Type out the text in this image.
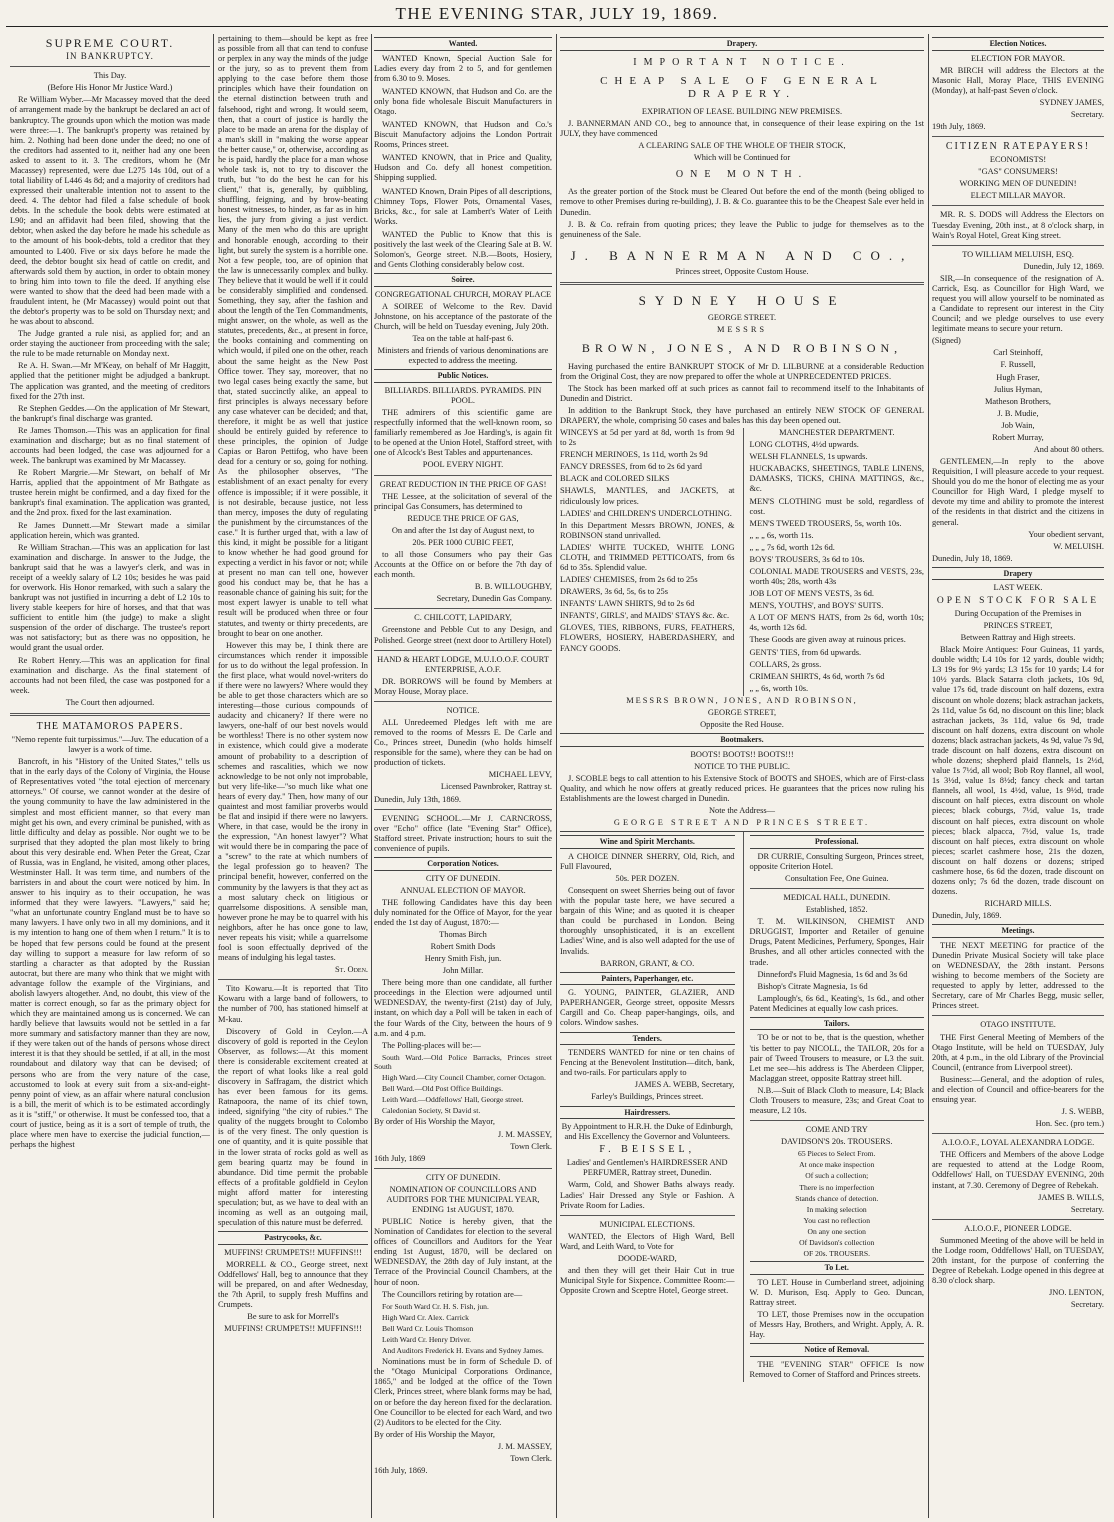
THE EVENING STAR, JULY 19, 1869.
SUPREME COURT.
IN BANKRUPTCY.

This Day.

(Before His Honor Mr Justice Ward.)

Re William Wyber.—Mr Macassey moved that the deed of arrangement made by the bankrupt be declared an act of bankruptcy. The grounds upon which the motion was made were three:—1. The bankrupt's property was retained by him. 2. Nothing had been done under the deed; no one of the creditors had assented to it, neither had any one been asked to assent to it. 3. The creditors, whom he (Mr Macassey) represented, were due L275 14s 10d, out of a total liability of L446 4s 8d; and a majority of creditors had expressed their unalterable intention not to assent to the deed. 4. The debtor had filed a false schedule of book debts. In the schedule the book debts were estimated at L90; and an affidavit had been filed, showing that the debtor, when asked the day before he made his schedule as to the amount of his book-debts, told a creditor that they amounted to L400. Five or six days before he made the deed, the debtor bought six head of cattle on credit, and afterwards sold them by auction, in order to obtain money to bring him into town to file the deed. If anything else were wanted to show that the deed had been made with a fraudulent intent, he (Mr Macassey) would point out that the debtor's property was to be sold on Thursday next; and he was about to abscond.

The Judge granted a rule nisi, as applied for; and an order staying the auctioneer from proceeding with the sale; the rule to be made returnable on Monday next.

Re A. H. Swan.—Mr M'Keay, on behalf of Mr Haggitt, applied that the petitioner might be adjudged a bankrupt. The application was granted, and the meeting of creditors fixed for the 27th inst.

Re Stephen Geddes.—On the application of Mr Stewart, the bankrupt's final discharge was granted.

Re James Thomson.—This was an application for final examination and discharge; but as no final statement of accounts had been lodged, the case was adjourned for a week. The bankrupt was examined by Mr Macassey.

Re Robert Margrie.—Mr Stewart, on behalf of Mr Harris, applied that the appointment of Mr Bathgate as trustee herein might be confirmed, and a day fixed for the bankrupt's final examination. The application was granted, and the 2nd prox. fixed for the last examination.

Re James Dunnett.—Mr Stewart made a similar application herein, which was granted.

Re William Strachan.—This was an application for last examination and discharge. In answer to the Judge, the bankrupt said that he was a lawyer's clerk, and was in receipt of a weekly salary of L2 10s; besides he was paid for overwork. His Honor remarked, with such a salary the bankrupt was not justified in incurring a debt of L2 10s to livery stable keepers for hire of horses, and that that was sufficient to entitle him (the judge) to make a slight suspension of the order of discharge. The trustee's report was not satisfactory; but as there was no opposition, he would grant the usual order.

Re Robert Henry.—This was an application for final examination and discharge. As the final statement of accounts had not been filed, the case was postponed for a week.

The Court then adjourned.

THE MATAMOROS PAPERS.

"Nemo repente fuit turpissimus."—Juv. The education of a lawyer is a work of time.

Bancroft, in his "History of the United States," tells us that in the early days of the Colony of Virginia, the House of Representatives voted "the total ejection of mercenary attorneys." Of course, we cannot wonder at the desire of the young community to have the law administered in the simplest and most efficient manner, so that every man might get his own, and every criminal be punished, with as little difficulty and delay as possible. Nor ought we to be surprised that they adopted the plan most likely to bring about this very desirable end. When Peter the Great, Czar of Russia, was in England, he visited, among other places, Westminster Hall. It was term time, and numbers of the barristers in and about the court were noticed by him. In answer to his inquiry as to their occupation, he was informed that they were lawyers. "Lawyers," said he; "what an unfortunate country England must be to have so many lawyers. I have only two in all my dominions, and it is my intention to hang one of them when I return." It is to be hoped that few persons could be found at the present day willing to support a measure for law reform of so startling a character as that adopted by the Russian autocrat, but there are many who think that we might with advantage follow the example of the Virginians, and abolish lawyers altogether. And, no doubt, this view of the matter is correct enough, so far as the primary object for which they are maintained among us is concerned. We can hardly believe that lawsuits would not be settled in a far more summary and satisfactory manner than they are now, if they were taken out of the hands of persons whose direct interest it is that they should be settled, if at all, in the most roundabout and dilatory way that can be devised; of persons who are from the very nature of the case, accustomed to look at every suit from a six-and-eight-penny point of view, as an affair where natural conclusion is a bill, the merit of which is to be estimated accordingly as it is "stiff," or otherwise. It must be confessed too, that a court of justice, being as it is a sort of temple of truth, the place where men have to exercise the judicial function,—perhaps the highest

pertaining to them—should be kept as free as possible from all that can tend to confuse or perplex in any way the minds of the judge or the jury, so as to prevent them from applying to the case before them those principles which have their foundation on the eternal distinction between truth and falsehood, right and wrong. It would seem, then, that a court of justice is hardly the place to be made an arena for the display of a man's skill in "making the worse appear the better cause," or, otherwise, according as he is paid, hardly the place for a man whose whole task is, not to try to discover the truth, but "to do the best he can for his client," that is, generally, by quibbling, shuffling, feigning, and by brow-beating honest witnesses, to hinder, as far as in him lies, the jury from giving a just verdict. Many of the men who do this are upright and honorable enough, according to their light, but surely the system is a horrible one. Not a few people, too, are of opinion that the law is unnecessarily complex and bulky. They believe that it would be well if it could be considerably simplified and condensed. Something, they say, after the fashion and about the length of the Ten Commandments, might answer, on the whole, as well as the statutes, precedents, &c., at present in force, the books containing and commenting on which would, if piled one on the other, reach about the same height as the New Post Office tower. They say, moreover, that no two legal cases being exactly the same, but that, stated succinctly alike, an appeal to first principles is always necessary before any case whatever can be decided; and that, therefore, it might be as well that justice should be entirely guided by reference to these principles, the opinion of Judge Capias or Baron Pettifog, who have been dead for a century or so, going for nothing. As the philosopher observes, "The establishment of an exact penalty for every offence is impossible; if it were possible, it is not desirable, because justice, not less than mercy, imposes the duty of regulating the punishment by the circumstances of the case." It is further urged that, with a law of this kind, it might be possible for a litigant to know whether he had good ground for expecting a verdict in his favor or not; while at present no man can tell one, however good his conduct may be, that he has a reasonable chance of gaining his suit; for the most expert lawyer is unable to tell what result will be produced when three or four statutes, and twenty or thirty precedents, are brought to bear on one another.

However this may be, I think there are circumstances which render it impossible for us to do without the legal profession. In the first place, what would novel-writers do if there were no lawyers? Where would they be able to get those characters which are so interesting—those curious compounds of audacity and chicanery? If there were no lawyers, one-half of our best novels would be worthless! There is no other system now in existence, which could give a moderate amount of probability to a description of schemes and rascalities, which we now acknowledge to be not only not improbable, but very life-like—"so much like what one hears of every day." Then, how many of our quaintest and most familiar proverbs would be flat and insipid if there were no lawyers. Where, in that case, would be the irony in the expression, "An honest lawyer"? What wit would there be in comparing the pace of a "screw" to the rate at which numbers of the legal profession go to heaven? The principal benefit, however, conferred on the community by the lawyers is that they act as a most salutary check on litigious or quarrelsome dispositions. A sensible man, however prone he may be to quarrel with his neighbors, after he has once gone to law, never repeats his visit; while a quarrelsome fool is soon effectually deprived of the means of indulging his legal tastes.

St. Oden.

Tito Kowaru.—It is reported that Tito Kowaru with a large band of followers, to the number of 700, has stationed himself at M-kau.

Discovery of Gold in Ceylon.—A discovery of gold is reported in the Ceylon Observer, as follows:—At this moment there is considerable excitement created at the report of what looks like a real gold discovery in Saffragam, the district which has ever been famous for its gems. Ratnapoora, the name of its chief town, indeed, signifying "the city of rubies." The quality of the nuggets brought to Colombo is of the very finest. The only question is one of quantity, and it is quite possible that in the lower strata of rocks gold as well as gem bearing quartz may be found in abundance. Did time permit the probable effects of a profitable goldfield in Ceylon might afford matter for interesting speculation; but, as we have to deal with an incoming as well as an outgoing mail, speculation of this nature must be deferred.

Pastrycooks, &c.

MUFFINS! CRUMPETS!! MUFFINS!!!

MORRELL & CO., George street, next Oddfellows' Hall, beg to announce that they will be prepared, on and after Wednesday, the 7th April, to supply fresh Muffins and Crumpets.

Be sure to ask for Morrell's

MUFFINS! CRUMPETS!! MUFFINS!!!

Wanted.

WANTED Known, Special Auction Sale for Ladies every day from 2 to 5, and for gentlemen from 6.30 to 9. Moses.

WANTED KNOWN, that Hudson and Co. are the only bona fide wholesale Biscuit Manufacturers in Otago.

WANTED KNOWN, that Hudson and Co.'s Biscuit Manufactory adjoins the London Portrait Rooms, Princes street.

WANTED KNOWN, that in Price and Quality, Hudson and Co. defy all honest competition. Shipping supplied.

WANTED Known, Drain Pipes of all descriptions, Chimney Tops, Flower Pots, Ornamental Vases, Bricks, &c., for sale at Lambert's Water of Leith Works.

WANTED the Public to Know that this is positively the last week of the Clearing Sale at B. W. Solomon's, George street. N.B.—Boots, Hosiery, and Gents Clothing considerably below cost.

Soiree.

CONGREGATIONAL CHURCH, MORAY PLACE

A SOIREE of Welcome to the Rev. David Johnstone, on his acceptance of the pastorate of the Church, will be held on Tuesday evening, July 20th.

Tea on the table at half-past 6.

Ministers and friends of various denominations are expected to address the meeting.

Public Notices.

BILLIARDS. BILLIARDS. PYRAMIDS. PIN POOL.

THE admirers of this scientific game are respectfully informed that the well-known room, so familiarly remembered as Joe Harding's, is again fit to be opened at the Union Hotel, Stafford street, with one of Alcock's Best Tables and appurtenances.

POOL EVERY NIGHT.

GREAT REDUCTION IN THE PRICE OF GAS!

THE Lessee, at the solicitation of several of the principal Gas Consumers, has determined to

REDUCE THE PRICE OF GAS,

On and after the 1st day of August next, to

20s. PER 1000 CUBIC FEET,

to all those Consumers who pay their Gas Accounts at the Office on or before the 7th day of each month.

B. B. WILLOUGHBY,

Secretary, Dunedin Gas Company.

C. CHILCOTT, LAPIDARY,

Greenstone and Pebble Cut to any Design, and Polished. George street (next door to Artillery Hotel)

HAND & HEART LODGE, M.U.I.O.O.F. COURT ENTERPRISE, A.O.F.

DR. BORROWS will be found by Members at Moray House, Moray place.

NOTICE.

ALL Unredeemed Pledges left with me are removed to the rooms of Messrs E. De Carle and Co., Princes street, Dunedin (who holds himself responsible for the same), where they can be had on production of tickets.

MICHAEL LEVY,

Licensed Pawnbroker, Rattray st.

Dunedin, July 13th, 1869.

EVENING SCHOOL.—Mr J. CARNCROSS, over "Echo" office (late "Evening Star" Office), Stafford street. Private instruction; hours to suit the convenience of pupils.

Corporation Notices.

CITY OF DUNEDIN.

ANNUAL ELECTION OF MAYOR.

THE following Candidates have this day been duly nominated for the Office of Mayor, for the year ended the 1st day of August, 1870:—

Thomas Birch

Robert Smith Dods

Henry Smith Fish, jun.

John Millar.

There being more than one candidate, all further proceedings in the Election were adjourned until WEDNESDAY, the twenty-first (21st) day of July, instant, on which day a Poll will be taken in each of the four Wards of the City, between the hours of 9 a.m. and 4 p.m.

The Polling-places will be:—

South Ward.—Old Police Barracks, Princes street South

High Ward.—City Council Chamber, corner Octagon.

Bell Ward.—Old Post Office Buildings.

Leith Ward.—Oddfellows' Hall, George street.

Caledonian Society, St David st.

By order of His Worship the Mayor,

J. M. MASSEY,

Town Clerk.

16th July, 1869

CITY OF DUNEDIN.

NOMINATION OF COUNCILLORS AND AUDITORS FOR THE MUNICIPAL YEAR, ENDING 1st AUGUST, 1870.

PUBLIC Notice is hereby given, that the Nomination of Candidates for election to the several offices of Councillors and Auditors for the Year ending 1st August, 1870, will be declared on WEDNESDAY, the 28th day of July instant, at the Terrace of the Provincial Council Chambers, at the hour of noon.

The Councillors retiring by rotation are—

For South Ward Cr. H. S. Fish, jun.

High Ward Cr. Alex. Carrick

Bell Ward Cr. Louis Thomson

Leith Ward Cr. Henry Driver.

And Auditors Frederick H. Evans and Sydney James.

Nominations must be in form of Schedule D. of the "Otago Municipal Corporations Ordinance, 1865," and be lodged at the office of the Town Clerk, Princes street, where blank forms may be had, on or before the day hereon fixed for the declaration. One Councillor to be elected for each Ward, and two (2) Auditors to be elected for the City.

By order of His Worship the Mayor,

J. M. MASSEY,

Town Clerk.

16th July, 1869.

Drapery.
IMPORTANT NOTICE.
CHEAP SALE OF GENERAL DRAPERY.

EXPIRATION OF LEASE. BUILDING NEW PREMISES.

J. BANNERMAN AND CO., beg to announce that, in consequence of their lease expiring on the 1st JULY, they have commenced

A CLEARING SALE OF THE WHOLE OF THEIR STOCK,

Which will be Continued for

ONE MONTH.

As the greater portion of the Stock must be Cleared Out before the end of the month (being obliged to remove to other Premises during re-building), J. B. & Co. guarantee this to be the Cheapest Sale ever held in Dunedin.

J. B. & Co. refrain from quoting prices; they leave the Public to judge for themselves as to the genuineness of the Sale.

J. BANNERMAN AND CO.,

Princes street, Opposite Custom House.

SYDNEY HOUSE

GEORGE STREET.

MESSRS

BROWN, JONES, AND ROBINSON,

Having purchased the entire BANKRUPT STOCK of Mr D. LILBURNE at a considerable Reduction from the Original Cost, they are now prepared to offer the whole at UNPRECEDENTED PRICES.

The Stock has been marked off at such prices as cannot fail to recommend itself to the Inhabitants of Dunedin and District.

In addition to the Bankrupt Stock, they have purchased an entirely NEW STOCK OF GENERAL DRAPERY, the whole, comprising 50 cases and bales has this day been opened out.

WINCEYS at 5d per yard at 8d, worth 1s from 9d to 2s

FRENCH MERINOES, 1s 11d, worth 2s 9d

FANCY DRESSES, from 6d to 2s 6d yard

BLACK and COLORED SILKS

SHAWLS, MANTLES, and JACKETS, at ridiculously low prices.

LADIES' and CHILDREN'S UNDERCLOTHING.

In this Department Messrs BROWN, JONES, & ROBINSON stand unrivalled.

LADIES' WHITE TUCKED, WHITE LONG CLOTH, and TRIMMED PETTICOATS, from 6s 6d to 35s. Splendid value.

LADIES' CHEMISES, from 2s 6d to 25s

DRAWERS, 3s 6d, 5s, 6s to 25s

INFANTS' LAWN SHIRTS, 9d to 2s 6d

INFANTS', GIRLS', and MAIDS' STAYS &c. &c.

GLOVES, TIES, RIBBONS, FURS, FEATHERS, FLOWERS, HOSIERY, HABERDASHERY, and FANCY GOODS.

MANCHESTER DEPARTMENT.

LONG CLOTHS, 4½d upwards.

WELSH FLANNELS, 1s upwards.

HUCKABACKS, SHEETINGS, TABLE LINENS, DAMASKS, TICKS, CHINA MATTINGS, &c., &c.

MEN'S CLOTHING must be sold, regardless of cost.

MEN'S TWEED TROUSERS, 5s, worth 10s.

„ „ „ 6s, worth 11s.

„ „ „ 7s 6d, worth 12s 6d.

BOYS' TROUSERS, 3s 6d to 10s.

COLONIAL MADE TROUSERS and VESTS, 23s, worth 40s; 28s, worth 43s

JOB LOT OF MEN'S VESTS, 3s 6d.

MEN'S, YOUTHS', and BOYS' SUITS.

A LOT OF MEN'S HATS, from 2s 6d, worth 10s; 4s, worth 12s 6d.

These Goods are given away at ruinous prices.

GENTS' TIES, from 6d upwards.

COLLARS, 2s gross.

CRIMEAN SHIRTS, 4s 6d, worth 7s 6d

„ „ 6s, worth 10s.

MESSRS BROWN, JONES, AND ROBINSON,

GEORGE STREET,

Opposite the Red House.

Bootmakers.

BOOTS! BOOTS!! BOOTS!!!

NOTICE TO THE PUBLIC.

J. SCOBLE begs to call attention to his Extensive Stock of BOOTS and SHOES, which are of First-class Quality, and which he now offers at greatly reduced prices. He guarantees that the prices now ruling his Establishments are the lowest charged in Dunedin.

Note the Address—

GEORGE STREET AND PRINCES STREET.

Wine and Spirit Merchants.

A CHOICE DINNER SHERRY, Old, Rich, and Full Flavoured,

50s. PER DOZEN.

Consequent on sweet Sherries being out of favor with the popular taste here, we have secured a bargain of this Wine; and as quoted it is cheaper than could be purchased in London. Being thoroughly unsophisticated, it is an excellent Ladies' Wine, and is also well adapted for the use of Invalids.

BARRON, GRANT, & CO.

Painters, Paperhanger, etc.

G. YOUNG, PAINTER, GLAZIER, AND PAPERHANGER, George street, opposite Messrs Cargill and Co. Cheap paper-hangings, oils, and colors. Window sashes.

Tenders.

TENDERS WANTED for nine or ten chains of Fencing at the Benevolent Institution—ditch, bank, and two-rails. For particulars apply to

JAMES A. WEBB, Secretary,

Farley's Buildings, Princes street.

Hairdressers.

By Appointment to H.R.H. the Duke of Edinburgh, and His Excellency the Governor and Volunteers.

F. BEISSEL,

Ladies' and Gentlemen's HAIRDRESSER AND PERFUMER, Rattray street, Dunedin.

Warm, Cold, and Shower Baths always ready. Ladies' Hair Dressed any Style or Fashion. A Private Room for Ladies.

MUNICIPAL ELECTIONS.

WANTED, the Electors of High Ward, Bell Ward, and Leith Ward, to Vote for

DOODE-WARD,

and then they will get their Hair Cut in true Municipal Style for Sixpence. Committee Room:—Opposite Crown and Sceptre Hotel, George street.

Professional.

DR CURRIE, Consulting Surgeon, Princes street, opposite Criterion Hotel.

Consultation Fee, One Guinea.

MEDICAL HALL, DUNEDIN.

Established, 1852.

T. M. WILKINSON, CHEMIST AND DRUGGIST, Importer and Retailer of genuine Drugs, Patent Medicines, Perfumery, Sponges, Hair Brushes, and all other articles connected with the trade.

Dinneford's Fluid Magnesia, 1s 6d and 3s 6d

Bishop's Citrate Magnesia, 1s 6d

Lamplough's, 6s 6d., Keating's, 1s 6d., and other Patent Medicines at equally low cash prices.

Tailors.

TO be or not to be, that is the question, whether 'tis better to pay NICOLL, the TAILOR, 20s for a pair of Tweed Trousers to measure, or L3 the suit. Let me see—his address is The Aberdeen Clipper, Maclaggan street, opposite Rattray street hill.

N.B.—Suit of Black Cloth to measure, L4; Black Cloth Trousers to measure, 23s; and Great Coat to measure, L2 10s.

COME AND TRY

DAVIDSON'S 20s. TROUSERS.

65 Pieces to Select From.

At once make inspection

Of such a collection;

There is no imperfection

Stands chance of detection.

In making selection

You cast no reflection

On any one section

Of Davidson's collection

OF 20s. TROUSERS.

To Let.

TO LET. House in Cumberland street, adjoining W. D. Murison, Esq. Apply to Geo. Duncan, Rattray street.

TO LET, those Premises now in the occupation of Messrs Hay, Brothers, and Wright. Apply, A. R. Hay.

Notice of Removal.

THE "EVENING STAR" OFFICE Is now Removed to Corner of Stafford and Princes streets.

Election Notices.

ELECTION FOR MAYOR.

MR BIRCH will address the Electors at the Masonic Hall, Moray Place, THIS EVENING (Monday), at half-past Seven o'clock.

SYDNEY JAMES,

Secretary.

19th July, 1869.

CITIZEN RATEPAYERS!

ECONOMISTS!

"GAS" CONSUMERS!

WORKING MEN OF DUNEDIN!

ELECT MILLAR MAYOR.

MR. R. S. DODS will Address the Electors on Tuesday Evening, 20th inst., at 8 o'clock sharp, in Wain's Royal Hotel, Great King street.

TO WILLIAM MELUISH, ESQ.

Dunedin, July 12, 1869.

SIR,—In consequence of the resignation of A. Carrick, Esq. as Councillor for High Ward, we request you will allow yourself to be nominated as a Candidate to represent our interest in the City Council; and we pledge ourselves to use every legitimate means to secure your return.

(Signed)

Carl Steinhoff,

F. Russell,

Hugh Fraser,

Julius Hyman,

Matheson Brothers,

J. B. Mudie,

Job Wain,

Robert Murray,

And about 80 others.

GENTLEMEN,—In reply to the above Requisition, I will pleasure accede to your request. Should you do me the honor of electing me as your Councillor for High Ward, I pledge myself to devote my time and ability to promote the interest of the residents in that district and the citizens in general.

Your obedient servant,

W. MELUISH.

Dunedin, July 18, 1869.

Drapery

LAST WEEK.

OPEN STOCK FOR SALE

During Occupation of the Premises in

PRINCES STREET,

Between Rattray and High streets.

Black Moire Antiques: Four Guineas, 11 yards, double width; L4 10s for 12 yards, double width; L3 19s for 9½ yards; L3 15s for 10 yards; L4 for 10½ yards. Black Satarra cloth jackets, 10s 9d, value 17s 6d, trade discount on half dozens, extra discount on whole dozens; black astrachan jackets, 2s 11d, value 5s 6d, no discount on this line; black astrachan jackets, 3s 11d, value 6s 9d, trade discount on half dozens, extra discount on whole dozens; black astrachan jackets, 4s 9d, value 7s 9d, trade discount on half dozens, extra discount on whole dozens; shepherd plaid flannels, 1s 2½d, value 1s 7½d, all wool; Bob Roy flannel, all wool, 1s 3½d, value 1s 8½d; fancy check and tartan flannels, all wool, 1s 4½d, value, 1s 9½d, trade discount on half pieces, extra discount on whole pieces; black coburgs, 7½d, value 1s, trade discount on half pieces, extra discount on whole pieces; black alpacca, 7½d, value 1s, trade discount on half pieces, extra discount on whole pieces; scarlet cashmere hose, 21s the dozen, discount on half dozens or dozens; striped cashmere hose, 6s 6d the dozen, trade discount on dozens only; 7s 6d the dozen, trade discount on dozens.

RICHARD MILLS.

Dunedin, July, 1869.

Meetings.

THE NEXT MEETING for practice of the Dunedin Private Musical Society will take place on WEDNESDAY, the 28th instant. Persons wishing to become members of the Society are requested to apply by letter, addressed to the Secretary, care of Mr Charles Begg, music seller, Princes street.

OTAGO INSTITUTE.

THE First General Meeting of Members of the Otago Institute, will be held on TUESDAY, July 20th, at 4 p.m., in the old Library of the Provincial Council, (entrance from Liverpool street).

Business:—General, and the adoption of rules, and election of Council and office-bearers for the ensuing year.

J. S. WEBB,

Hon. Sec. (pro tem.)

A.I.O.O.F., LOYAL ALEXANDRA LODGE.

THE Officers and Members of the above Lodge are requested to attend at the Lodge Room, Oddfellows' Hall, on TUESDAY EVENING, 20th instant, at 7.30. Ceremony of Degree of Rebekah.

JAMES B. WILLS,

Secretary.

A.I.O.O.F., PIONEER LODGE.

Summoned Meeting of the above will be held in the Lodge room, Oddfellows' Hall, on TUESDAY, 20th instant, for the purpose of conferring the Degree of Rebekah. Lodge opened in this degree at 8.30 o'clock sharp.

JNO. LENTON,

Secretary.
